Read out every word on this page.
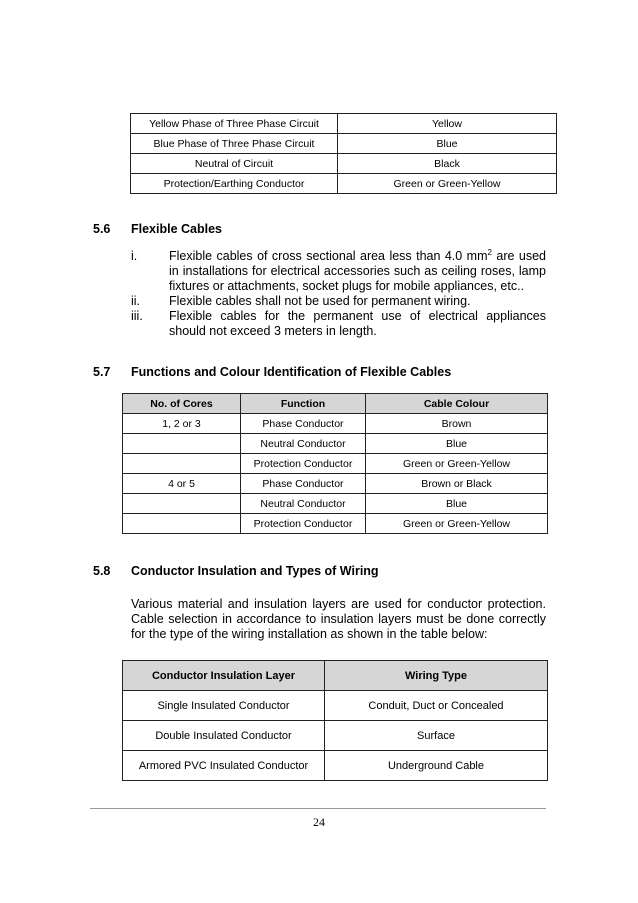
Yellow Phase of Three Phase Circuit	Yellow
Blue Phase of Three Phase Circuit	Blue
Neutral of Circuit	Black
Protection/Earthing Conductor	Green or Green-Yellow
5.6 Flexible Cables
i.	Flexible cables of cross sectional area less than 4.0 $mm^2$ are used in installations for electrical accessories such as ceiling roses, lamp fixtures or attachments, socket plugs for mobile appliances, etc..
ii. Flexible cables shall not be used for permanent wiring.
iii. Flexible cables for the permanent use of electrical appliances should not exceed 3 meters in length.
5.7 Functions and Colour Identification of Flexible Cables
No. of Cores	Function	Cable Colour
1, 2 or 3	Phase Conductor	Brown
	Neutral Conductor	Blue
	Protection Conductor	Green or Green-Yellow
4 or 5	Phase Conductor	Brown or Black
	Neutral Conductor	Blue
	Protection Conductor	Green or Green-Yellow
5.8 Conductor Insulation and Types of Wiring
Various material and insulation layers are used for conductor protection. Cable selection in accordance to insulation layers must be done correctly for the type of the wiring installation as shown in the table below:
Conductor Insulation Layer	Wiring Type
Single Insulated Conductor	Conduit, Duct or Concealed
Double Insulated Conductor	Surface
Armored PVC Insulated Conductor	Underground Cable
24
